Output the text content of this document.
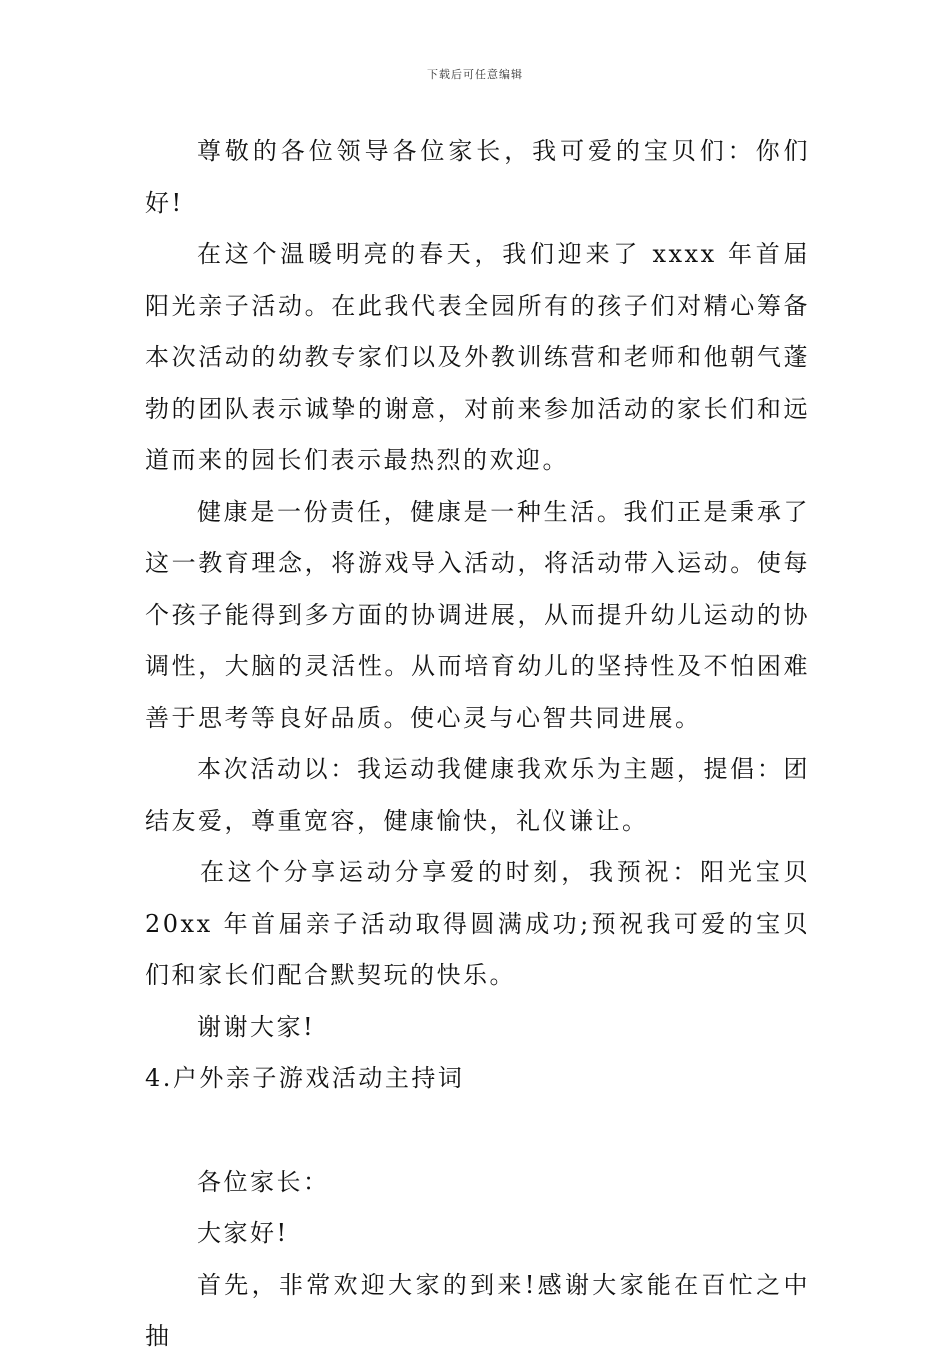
下载后可任意编辑

尊敬的各位领导各位家长，我可爱的宝贝们：你们好!

在这个温暖明亮的春天，我们迎来了 xxxx 年首届阳光亲子活动。在此我代表全园所有的孩子们对精心筹备本次活动的幼教专家们以及外教训练营和老师和他朝气蓬勃的团队表示诚挚的谢意，对前来参加活动的家长们和远道而来的园长们表示最热烈的欢迎。

健康是一份责任，健康是一种生活。我们正是秉承了这一教育理念，将游戏导入活动，将活动带入运动。使每个孩子能得到多方面的协调进展，从而提升幼儿运动的协调性，大脑的灵活性。从而培育幼儿的坚持性及不怕困难善于思考等良好品质。使心灵与心智共同进展。

本次活动以：我运动我健康我欢乐为主题，提倡：团结友爱，尊重宽容，健康愉快，礼仪谦让。

在这个分享运动分享爱的时刻，我预祝：阳光宝贝20xx 年首届亲子活动取得圆满成功;预祝我可爱的宝贝们和家长们配合默契玩的快乐。

谢谢大家!

4.户外亲子游戏活动主持词

各位家长：

大家好!

首先，非常欢迎大家的到来!感谢大家能在百忙之中抽
